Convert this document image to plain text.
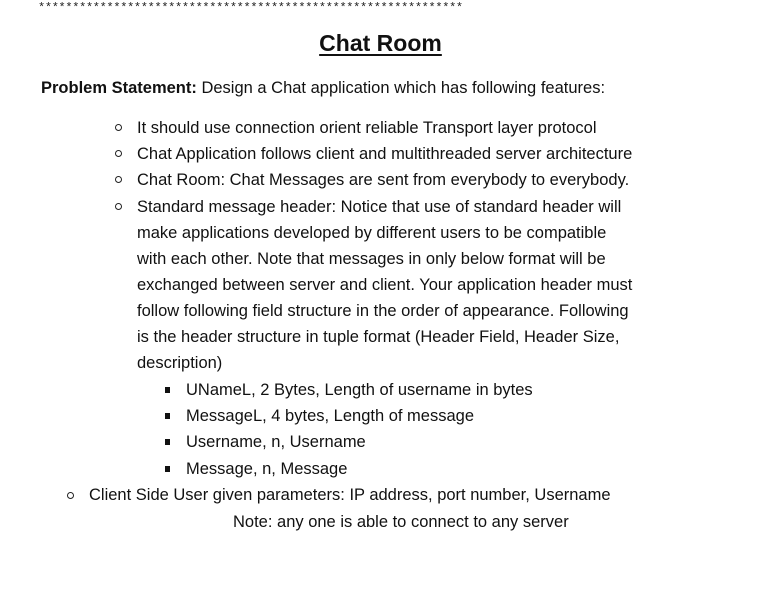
**************************************************************
Chat Room
Problem Statement: Design a Chat application which has following features:
It should use connection orient reliable Transport layer protocol
Chat Application follows client and multithreaded server architecture
Chat Room: Chat Messages are sent from everybody to everybody.
Standard message header: Notice that use of standard header will
make applications developed by different users to be compatible
with each other. Note that messages in only below format will be
exchanged between server and client. Your application header must
follow following field structure in the order of appearance. Following
is the header structure in tuple format (Header Field, Header Size,
description)
UNameL, 2 Bytes, Length of username in bytes
MessageL, 4 bytes, Length of message
Username, n, Username
Message, n, Message
Client Side User given parameters: IP address, port number, Username
Note: any one is able to connect to any server
